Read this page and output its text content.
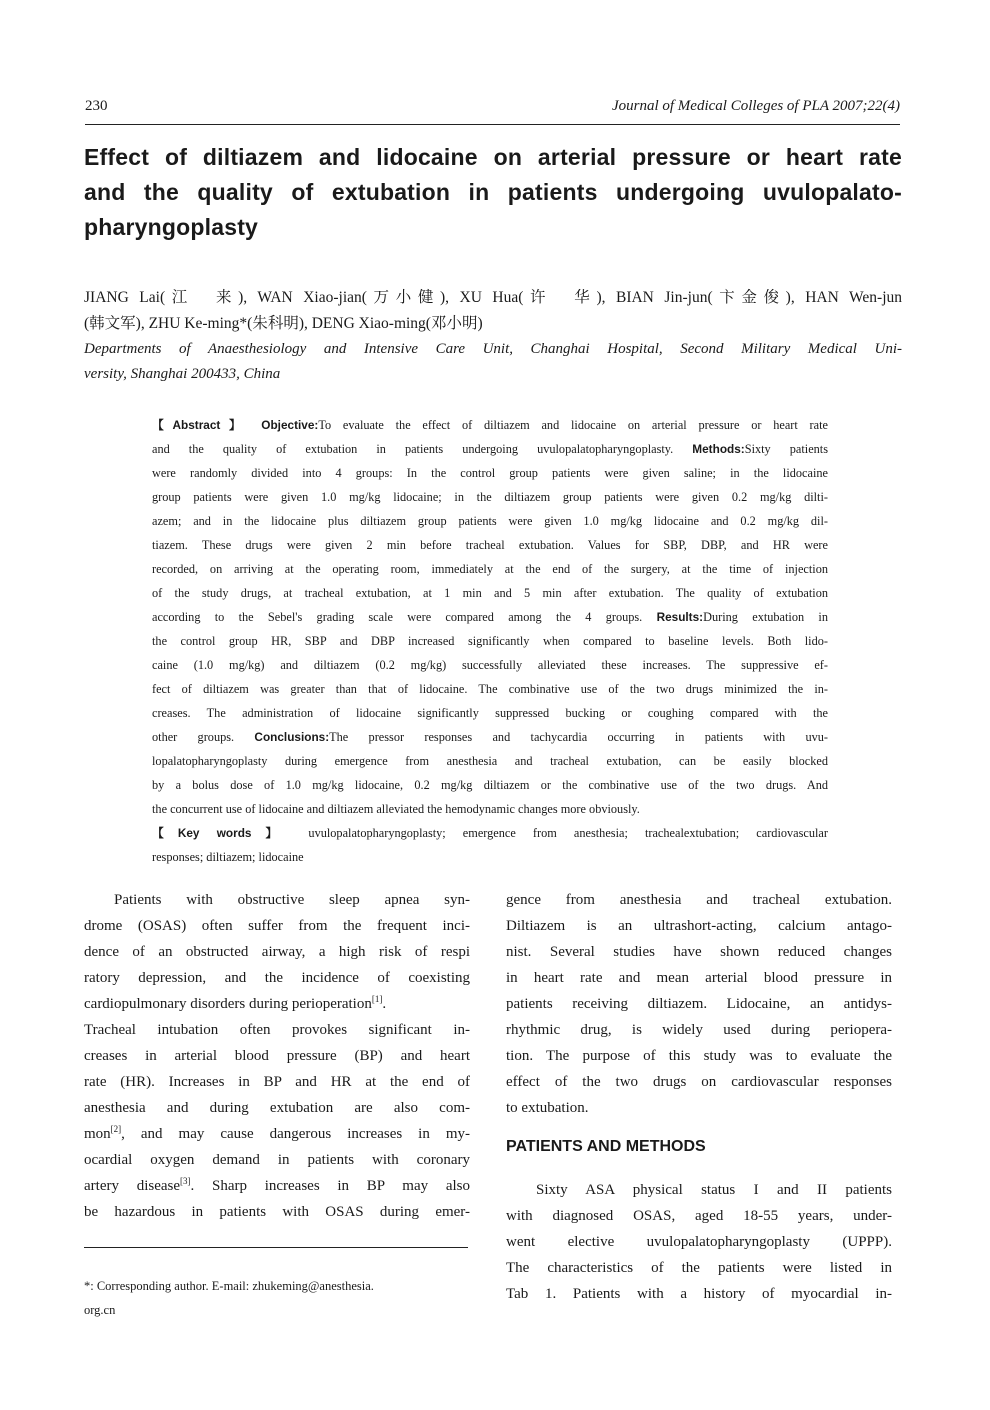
230	Journal of Medical Colleges of PLA 2007;22(4)
Effect of diltiazem and lidocaine on arterial pressure or heart rate
and the quality of extubation in patients undergoing uvulopalato-
pharyngoplasty
JIANG Lai(江　来), WAN Xiao-jian(万小健), XU Hua(许　华), BIAN Jin-jun(卞金俊), HAN Wen-jun
(韩文军), ZHU Ke-ming*(朱科明), DENG Xiao-ming(邓小明)
Departments of Anaesthesiology and Intensive Care Unit, Changhai Hospital, Second Military Medical Uni-
versity, Shanghai 200433, China
【Abstract】 Objective:To evaluate the effect of diltiazem and lidocaine on arterial pressure or heart rate
and the quality of extubation in patients undergoing uvulopalatopharyngoplasty. Methods:Sixty patients
were randomly divided into 4 groups: In the control group patients were given saline; in the lidocaine
group patients were given 1.0 mg/kg lidocaine; in the diltiazem group patients were given 0.2 mg/kg dilti-
azem; and in the lidocaine plus diltiazem group patients were given 1.0 mg/kg lidocaine and 0.2 mg/kg dil-
tiazem. These drugs were given 2 min before tracheal extubation. Values for SBP, DBP, and HR were
recorded, on arriving at the operating room, immediately at the end of the surgery, at the time of injection
of the study drugs, at tracheal extubation, at 1 min and 5 min after extubation. The quality of extubation
according to the Sebel's grading scale were compared among the 4 groups. Results:During extubation in
the control group HR, SBP and DBP increased significantly when compared to baseline levels. Both lido-
caine (1.0 mg/kg) and diltiazem (0.2 mg/kg) successfully alleviated these increases. The suppressive ef-
fect of diltiazem was greater than that of lidocaine. The combinative use of the two drugs minimized the in-
creases. The administration of lidocaine significantly suppressed bucking or coughing compared with the
other groups. Conclusions:The pressor responses and tachycardia occurring in patients with uvu-
lopalatopharyngoplasty during emergence from anesthesia and tracheal extubation, can be easily blocked
by a bolus dose of 1.0 mg/kg lidocaine, 0.2 mg/kg diltiazem or the combinative use of the two drugs. And
the concurrent use of lidocaine and diltiazem alleviated the hemodynamic changes more obviously.
【Key words】 uvulopalatopharyngoplasty; emergence from anesthesia; trachealextubation; cardiovascular
responses; diltiazem; lidocaine
Patients with obstructive sleep apnea syn-
drome (OSAS) often suffer from the frequent inci-
dence of an obstructed airway, a high risk of respi
ratory depression, and the incidence of coexisting
cardiopulmonary disorders during perioperation[1].
Tracheal intubation often provokes significant in-
creases in arterial blood pressure (BP) and heart
rate (HR). Increases in BP and HR at the end of
anesthesia and during extubation are also com-
mon[2], and may cause dangerous increases in my-
ocardial oxygen demand in patients with coronary
artery disease[3]. Sharp increases in BP may also
be hazardous in patients with OSAS during emer-
gence from anesthesia and tracheal extubation.
Diltiazem is an ultrashort-acting, calcium antago-
nist. Several studies have shown reduced changes
in heart rate and mean arterial blood pressure in
patients receiving diltiazem. Lidocaine, an antidys-
rhythmic drug, is widely used during periopera-
tion. The purpose of this study was to evaluate the
effect of the two drugs on cardiovascular responses
to extubation.
PATIENTS AND METHODS
Sixty ASA physical status I and II patients
with diagnosed OSAS, aged 18-55 years, under-
went elective uvulopalatopharyngoplasty (UPPP).
The characteristics of the patients were listed in
Tab 1. Patients with a history of myocardial in-
*: Corresponding author. E-mail: zhukeming@anesthesia.
org.cn
